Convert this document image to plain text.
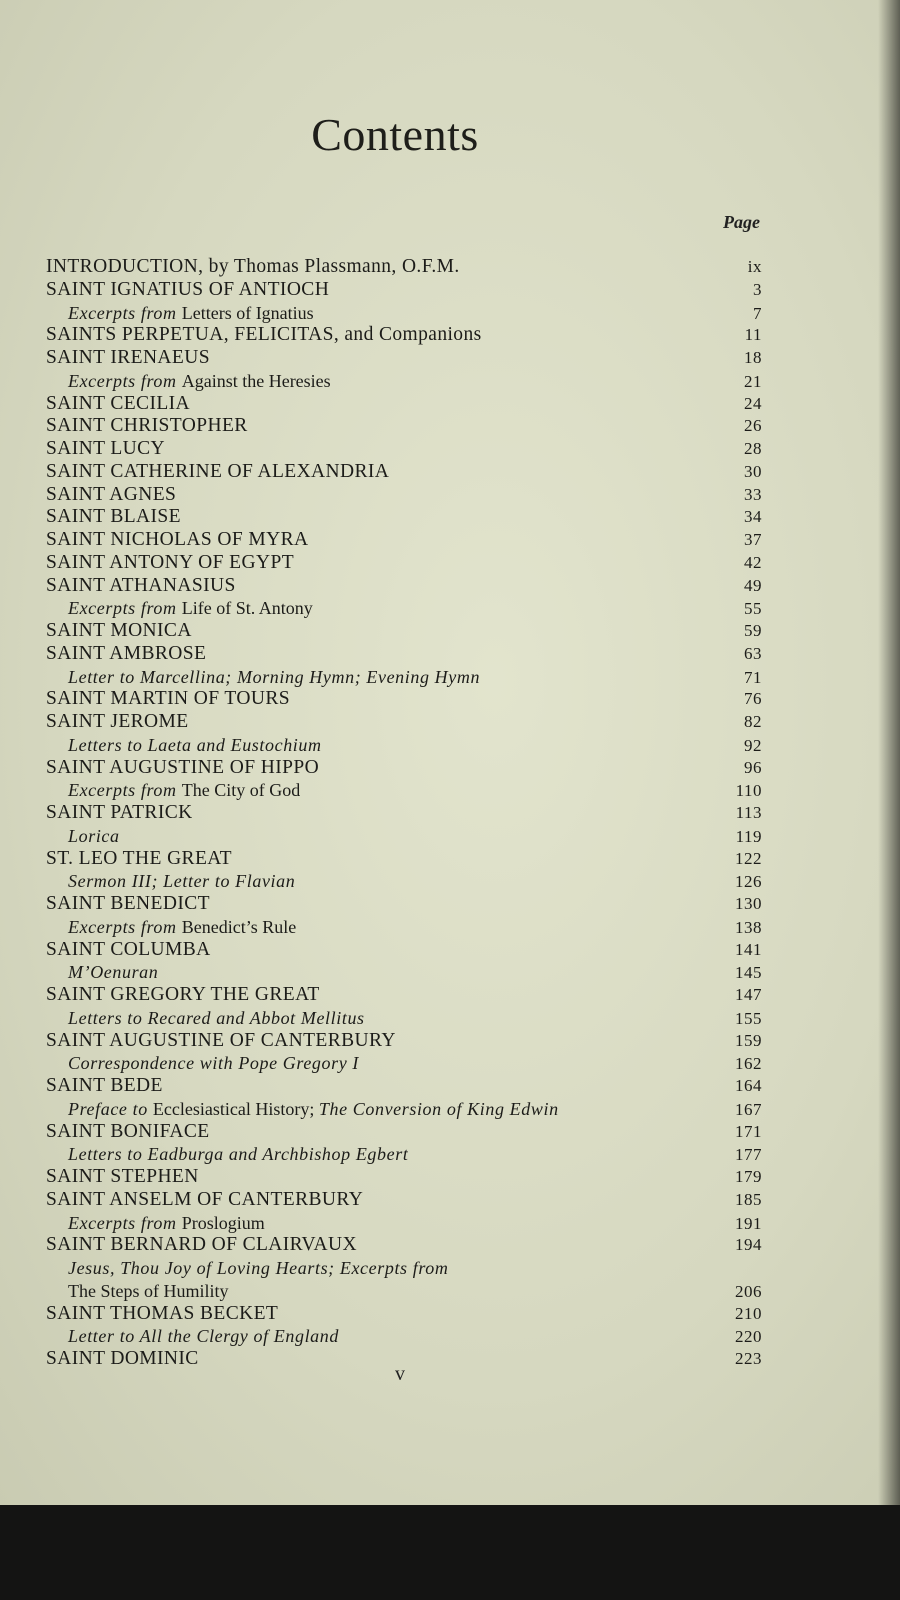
Contents
Page
INTRODUCTION, by Thomas Plassmann, O.F.M.	ix
SAINT IGNATIUS OF ANTIOCH	3
Excerpts from Letters of Ignatius	7
SAINTS PERPETUA, FELICITAS, and Companions	11
SAINT IRENAEUS	18
Excerpts from Against the Heresies	21
SAINT CECILIA	24
SAINT CHRISTOPHER	26
SAINT LUCY	28
SAINT CATHERINE OF ALEXANDRIA	30
SAINT AGNES	33
SAINT BLAISE	34
SAINT NICHOLAS OF MYRA	37
SAINT ANTONY OF EGYPT	42
SAINT ATHANASIUS	49
Excerpts from Life of St. Antony	55
SAINT MONICA	59
SAINT AMBROSE	63
Letter to Marcellina; Morning Hymn; Evening Hymn	71
SAINT MARTIN OF TOURS	76
SAINT JEROME	82
Letters to Laeta and Eustochium	92
SAINT AUGUSTINE OF HIPPO	96
Excerpts from The City of God	110
SAINT PATRICK	113
Lorica	119
ST. LEO THE GREAT	122
Sermon III; Letter to Flavian	126
SAINT BENEDICT	130
Excerpts from Benedict’s Rule	138
SAINT COLUMBA	141
M’Oenuran	145
SAINT GREGORY THE GREAT	147
Letters to Recared and Abbot Mellitus	155
SAINT AUGUSTINE OF CANTERBURY	159
Correspondence with Pope Gregory I	162
SAINT BEDE	164
Preface to Ecclesiastical History; The Conversion of King Edwin	167
SAINT BONIFACE	171
Letters to Eadburga and Archbishop Egbert	177
SAINT STEPHEN	179
SAINT ANSELM OF CANTERBURY	185
Excerpts from Proslogium	191
SAINT BERNARD OF CLAIRVAUX	194
Jesus, Thou Joy of Loving Hearts; Excerpts from
The Steps of Humility	206
SAINT THOMAS BECKET	210
Letter to All the Clergy of England	220
SAINT DOMINIC	223
v
